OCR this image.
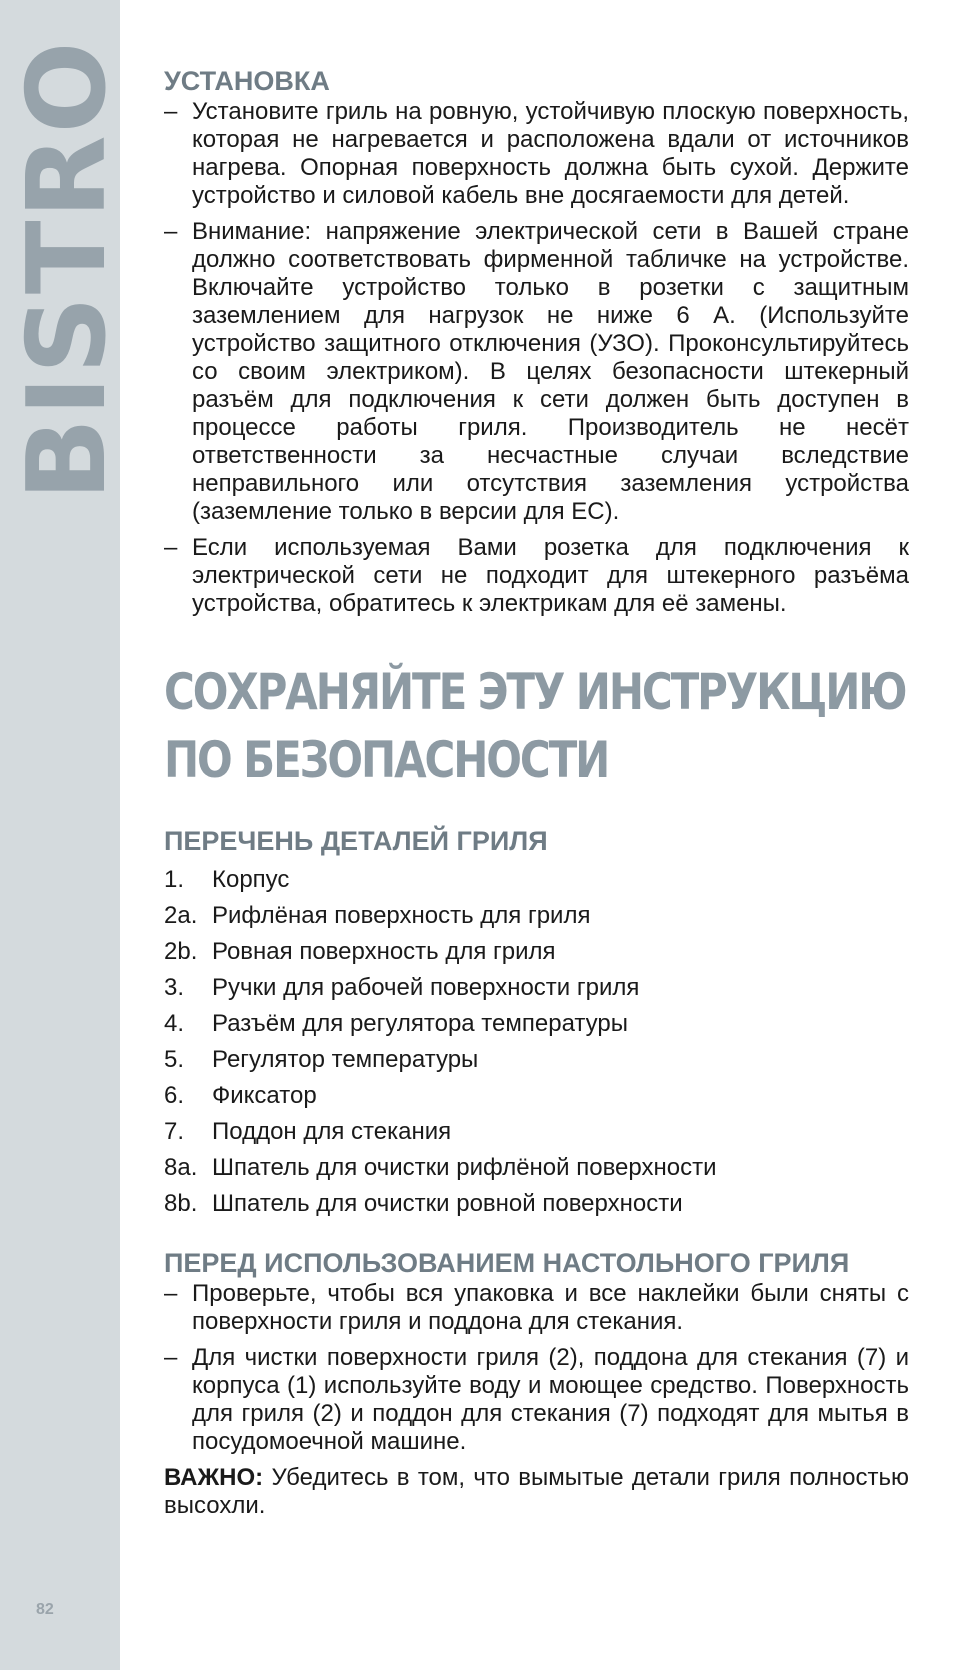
BISTRO
82
УСТАНОВКА
– Установите гриль на ровную, устойчивую плоскую поверхность, которая не нагревается и расположена вдали от источников нагрева. Опорная поверхность должна быть сухой. Держите устройство и силовой кабель вне досягаемости для детей.
– Внимание: напряжение электрической сети в Вашей стране должно соответствовать фирменной табличке на устройстве. Включайте устройство только в розетки с защитным заземлением для нагрузок не ниже 6 А. (Используйте устройство защитного отключения (УЗО). Проконсультируйтесь со своим электриком). В целях безопасности штекерный разъём для подключения к сети должен быть доступен в процессе работы гриля. Производитель не несёт ответственности за несчастные случаи вследствие неправильного или отсутствия заземления устройства (заземление только в версии для ЕС).
– Если используемая Вами розетка для подключения к электрической сети не подходит для штекерного разъёма устройства, обратитесь к электрикам для её замены.
СОХРАНЯЙТЕ ЭТУ ИНСТРУКЦИЮ
ПО БЕЗОПАСНОСТИ
ПЕРЕЧЕНЬ ДЕТАЛЕЙ ГРИЛЯ
1.	Корпус
2a. Рифлёная поверхность для гриля
2b. Ровная поверхность для гриля
3.	Ручки для рабочей поверхности гриля
4.	Разъём для регулятора температуры
5.	Регулятор температуры
6.	Фиксатор
7.	Поддон для стекания
8a. Шпатель для очистки рифлёной поверхности
8b. Шпатель для очистки ровной поверхности
ПЕРЕД ИСПОЛЬЗОВАНИЕМ НАСТОЛЬНОГО ГРИЛЯ
– Проверьте, чтобы вся упаковка и все наклейки были сняты с поверхности гриля и поддона для стекания.
– Для чистки поверхности гриля (2), поддона для стекания (7) и корпуса (1) используйте воду и моющее средство. Поверхность для гриля (2) и поддон для стекания (7) подходят для мытья в посудомоечной машине.

ВАЖНО: Убедитесь в том, что вымытые детали гриля полностью высохли.
